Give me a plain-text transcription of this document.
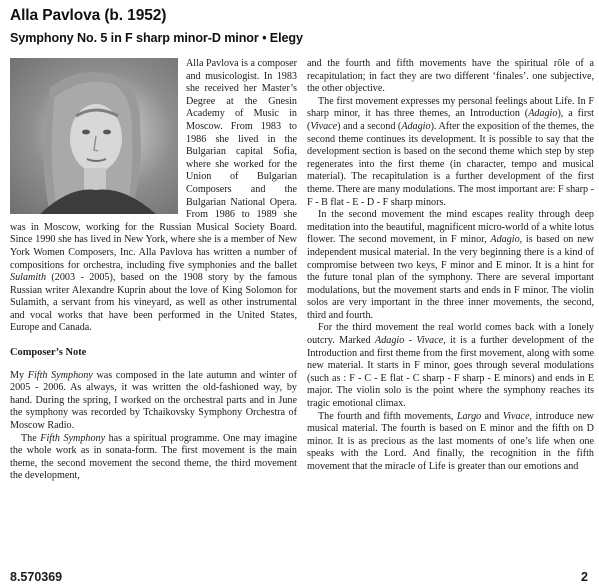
Alla Pavlova (b. 1952)
Symphony No. 5 in F sharp minor-D minor • Elegy

Alla Pavlova is a composer and musicologist. In 1983 she received her Master’s Degree at the Gnesin Academy of Music in Moscow. From 1983 to 1986 she lived in the Bulgarian capital Sofia, where she worked for the Union of Bulgarian Composers and the Bulgarian National Opera. From 1986 to 1989 she was in Moscow, working for the Russian Musical Society Board. Since 1990 she has lived in New York, where she is a member of New York Women Composers, Inc. Alla Pavlova has written a number of compositions for orchestra, including five symphonies and the ballet Sulamith (2003 - 2005), based on the 1908 story by the famous Russian writer Alexandre Kuprin about the love of King Solomon for Sulamith, a servant from his vineyard, as well as other instrumental and vocal works that have been performed in the United States, Europe and Canada.

Composer’s Note

My Fifth Symphony was composed in the late autumn and winter of 2005 - 2006. As always, it was written the old-fashioned way, by hand. During the spring, I worked on the orchestral parts and in June the symphony was recorded by Tchaikovsky Symphony Orchestra of Moscow Radio.

The Fifth Symphony has a spiritual programme. One may imagine the whole work as in sonata-form. The first movement is the main theme, the second movement the second theme, the third movement the development,

and the fourth and fifth movements have the spiritual rôle of a recapitulation; in fact they are two different ‘finales’. one subjective, the other objective.

The first movement expresses my personal feelings about Life. In F sharp minor, it has three themes, an Introduction (Adagio), a first (Vivace) and a second (Adagio). After the exposition of the themes, the second theme continues its development. It is possible to say that the development section is based on the second theme which step by step regenerates into the first theme (in character, tempo and musical material). The recapitulation is a further development of the first theme. There are many modulations. The most important are: F sharp - F - B flat - E - D - F sharp minors.

In the second movement the mind escapes reality through deep meditation into the beautiful, magnificent micro-world of a white lotus flower. The second movement, in F minor, Adagio, is based on new independent musical material. In the very beginning there is a kind of compromise between two keys, F minor and E minor. It is a hint for the future tonal plan of the symphony. There are several important modulations, but the movement starts and ends in F minor. The violin solos are very important in the three inner movements, the second, third and fourth.

For the third movement the real world comes back with a lonely outcry. Marked Adagio - Vivace, it is a further development of the Introduction and first theme from the first movement, along with some new material. It starts in F minor, goes through several modulations (such as : F - C - E flat - C sharp - F sharp - E minors) and ends in E major. The violin solo is the point where the symphony reaches its tragic emotional climax.

The fourth and fifth movements, Largo and Vivace, introduce new musical material. The fourth is based on E minor and the fifth on D minor. It is as precious as the last moments of one’s life when one speaks with the Lord. And finally, the recognition in the fifth movement that the miracle of Life is greater than our emotions and

8.570369	2
